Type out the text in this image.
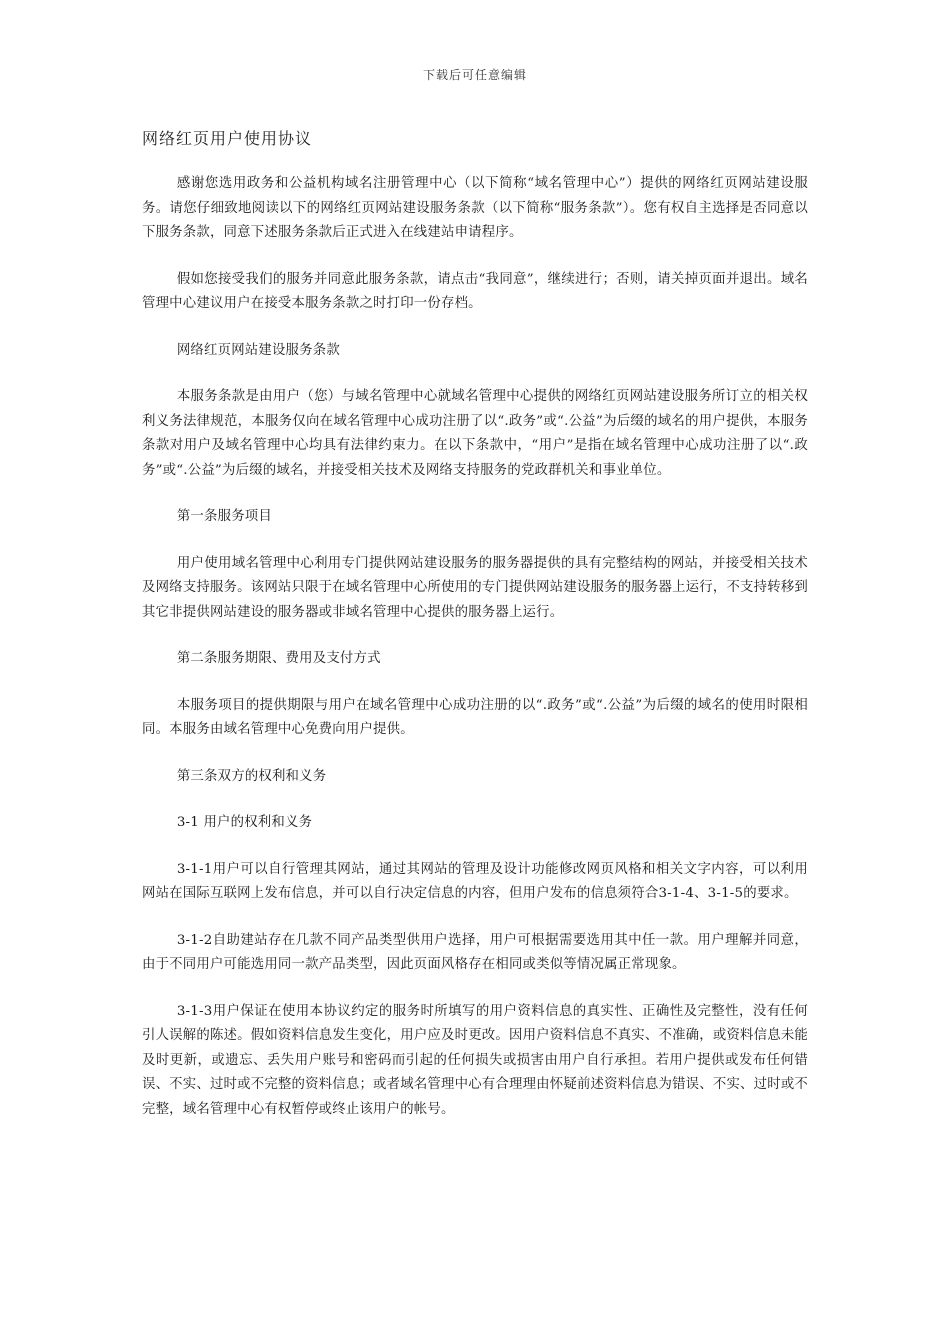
下载后可任意编辑
网络红页用户使用协议

感谢您选用政务和公益机构域名注册管理中心（以下简称“域名管理中心”）提供的网络红页网站建设服务。请您仔细致地阅读以下的网络红页网站建设服务条款（以下简称“服务条款”）。您有权自主选择是否同意以下服务条款，同意下述服务条款后正式进入在线建站申请程序。

假如您接受我们的服务并同意此服务条款，请点击“我同意”，继续进行；否则，请关掉页面并退出。域名管理中心建议用户在接受本服务条款之时打印一份存档。

网络红页网站建设服务条款

本服务条款是由用户（您）与域名管理中心就域名管理中心提供的网络红页网站建设服务所订立的相关权利义务法律规范，本服务仅向在域名管理中心成功注册了以“.政务”或“.公益”为后缀的域名的用户提供，本服务条款对用户及域名管理中心均具有法律约束力。在以下条款中，“用户”是指在域名管理中心成功注册了以“.政务”或“.公益”为后缀的域名，并接受相关技术及网络支持服务的党政群机关和事业单位。

第一条服务项目

用户使用域名管理中心利用专门提供网站建设服务的服务器提供的具有完整结构的网站，并接受相关技术及网络支持服务。该网站只限于在域名管理中心所使用的专门提供网站建设服务的服务器上运行，不支持转移到其它非提供网站建设的服务器或非域名管理中心提供的服务器上运行。

第二条服务期限、费用及支付方式

本服务项目的提供期限与用户在域名管理中心成功注册的以“.政务”或“.公益”为后缀的域名的使用时限相同。本服务由域名管理中心免费向用户提供。

第三条双方的权利和义务

3-1 用户的权利和义务

3-1-1用户可以自行管理其网站，通过其网站的管理及设计功能修改网页风格和相关文字内容，可以利用网站在国际互联网上发布信息，并可以自行决定信息的内容，但用户发布的信息须符合3-1-4、3-1-5的要求。

3-1-2自助建站存在几款不同产品类型供用户选择，用户可根据需要选用其中任一款。用户理解并同意，由于不同用户可能选用同一款产品类型，因此页面风格存在相同或类似等情况属正常现象。

3-1-3用户保证在使用本协议约定的服务时所填写的用户资料信息的真实性、正确性及完整性，没有任何引人误解的陈述。假如资料信息发生变化，用户应及时更改。因用户资料信息不真实、不准确，或资料信息未能及时更新，或遗忘、丢失用户账号和密码而引起的任何损失或损害由用户自行承担。若用户提供或发布任何错误、不实、过时或不完整的资料信息；或者域名管理中心有合理理由怀疑前述资料信息为错误、不实、过时或不完整，域名管理中心有权暂停或终止该用户的帐号。
